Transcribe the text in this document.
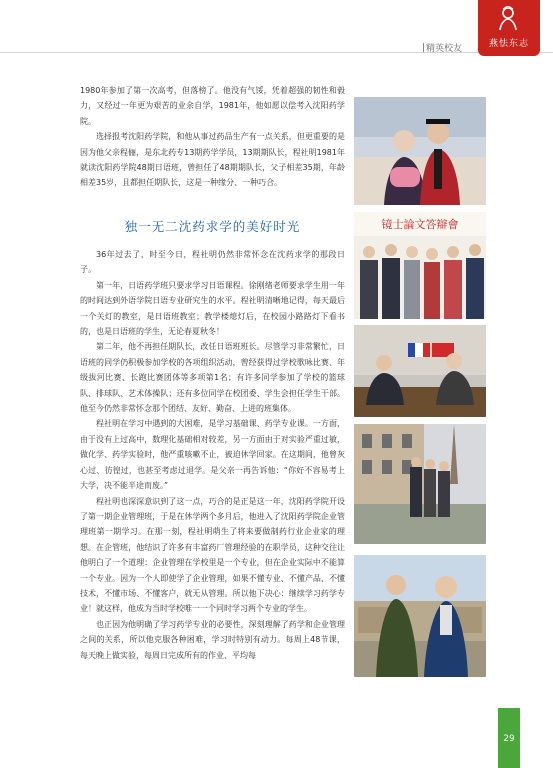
精英校友	燕怯东志

1980年参加了第一次高考，但落榜了。他没有气馁，凭着超强的韧性和毅力，又经过一年更为艰苦的业余自学，1981年，他如愿以偿考入沈阳药学院。

选择报考沈阳药学院，和他从事过药品生产有一点关系，但更重要的是因为他父亲程俪，是东北药专13期药学学员，13期期队长，程社明1981年就读沈阳药学院48期日语班，曾担任了48期期队长，父子相差35期，年龄相差35岁，且都担任期队长，这是一种缘分、一种巧合。

独一无二沈药求学的美好时光

36年过去了，时至今日，程社明仍然非常怀念在沈药求学的那段日子。

第一年，日语药学班只要求学习日语课程。徐刚绪老师要求学生用一年的时间达到外语学院日语专业研究生的水平。程社明清晰地记得，每天最后一个关灯的教室，是日语班教室；教学楼熄灯后，在校园小路路灯下看书的，也是日语班的学生，无论春夏秋冬！

第二年，他不再担任期队长，改任日语班班长。尽管学习非常繁忙，日语班的同学仍积极参加学校的各项组织活动，曾经获得过学校歌咏比赛、年级拔河比赛、长跑比赛团体等多项第1名；有许多同学参加了学校的篮球队、排球队、艺术体操队；还有多位同学在校团委、学生会担任学生干部。他至今仍然非常怀念那个团结、友好、勤奋、上进的班集体。

程社明在学习中遇到的大困难，是学习基础课、药学专业课。一方面，由于没有上过高中，数理化基础相对较差，另一方面由于对实验严重过敏，做化学、药学实验时，他严重咳嗽不止，被迫休学回家。在这期间，他曾灰心过、彷徨过，也甚至考虑过退学。是父亲一再告诉他：“你好不容易考上大学，决不能半途而废。”

程社明也深深意识到了这一点，巧合的是正是这一年，沈阳药学院开设了第一期企业管理班，于是在休学两个多月后，他进入了沈阳药学院企业管理班第一期学习。在那一刻，程社明萌生了将来要做制药行业企业家的理想。在企管班，他结识了许多有丰富药厂管理经验的在职学员，这种交往让他明白了一个道理：企业管理在学校里是一个专业，但在企业实际中不能算一个专业。因为一个人即使学了企业管理，如果不懂专业、不懂产品、不懂技术，不懂市场、不懂客户，就无从管理。所以他下决心：继续学习药学专业！就这样，他成为当时学校唯一一个同时学习两个专业的学生。

也正因为他明确了学习药学专业的必要性，深刻理解了药学和企业管理之间的关系，所以他克服各种困难，学习时特别有动力。每周上48节课，每天晚上做实验，每周日完成所有的作业、平均每

镜士論文答辯會
29
